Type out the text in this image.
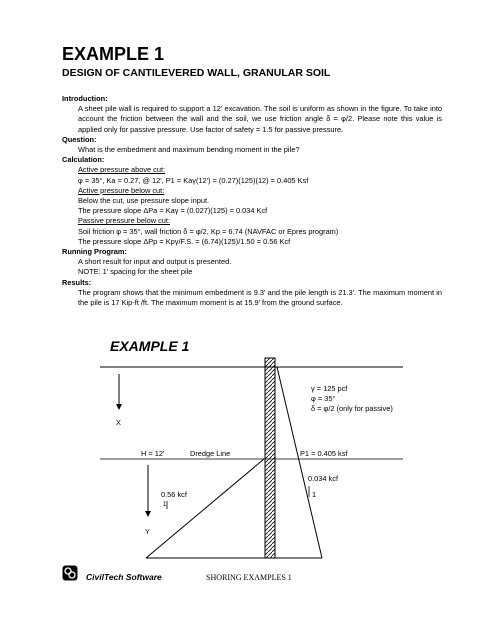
EXAMPLE 1
DESIGN OF CANTILEVERED WALL, GRANULAR SOIL
Introduction:
A sheet pile wall is required to support a 12' excavation. The soil is uniform as shown in the figure. To take into account the friction between the wall and the soil, we use friction angle δ = φ/2. Please note this value is applied only for passive pressure. Use factor of safety = 1.5 for passive pressure.
Question:
What is the embedment and maximum bending moment in the pile?
Calculation:
Active pressure above cut:
φ = 35°, Ka = 0.27, @ 12', P1 = Kaγ(12') = (0.27)(125)(12) = 0.405 Ksf
Active pressure below cut:
Below the cut, use pressure slope input.
The pressure slope ΔPa = Kaγ = (0.027)(125) = 0.034 Kcf
Passive pressure below cut:
Soil friction φ = 35°, wall friction δ = φ/2, Kp = 6.74 (NAVFAC or Epres program)
The pressure slope ΔPp = Kpγ/F.S. = (6.74)(125)/1.50 = 0.56 Kcf
Running Program:
A short result for input and output is presented.
NOTE: 1' spacing for the sheet pile
Results:
The program shows that the minimum embedment is 9.3' and the pile length is 21.3'. The maximum moment in the pile is 17 Kip-ft /ft. The maximum moment is at 15.9' from the ground surface.
EXAMPLE 1
X
Y
γ = 125 pcf
φ = 35°
δ = φ/2 (only for passive)
H = 12'	Dredge Line	P1 = 0.405 ksf
0.034 kcf
1
0.56 kcf
1
CivilTech Software	SHORING EXAMPLES 1
